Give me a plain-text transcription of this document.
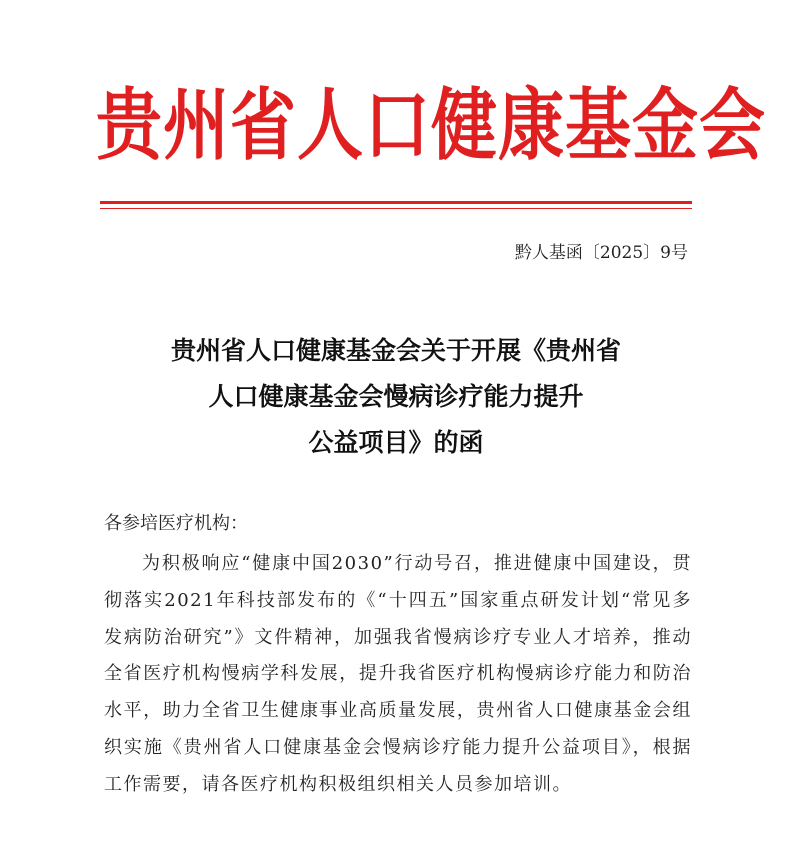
贵州省人口健康基金会
黔人基函〔2025〕9号
贵州省人口健康基金会关于开展《贵州省
人口健康基金会慢病诊疗能力提升
公益项目》的函
各参培医疗机构：

为积极响应“健康中国2030”行动号召，推进健康中国建设，贯彻落实2021年科技部发布的《“十四五”国家重点研发计划“常见多发病防治研究”》文件精神，加强我省慢病诊疗专业人才培养，推动全省医疗机构慢病学科发展，提升我省医疗机构慢病诊疗能力和防治水平，助力全省卫生健康事业高质量发展，贵州省人口健康基金会组织实施《贵州省人口健康基金会慢病诊疗能力提升公益项目》，根据工作需要，请各医疗机构积极组织相关人员参加培训。
